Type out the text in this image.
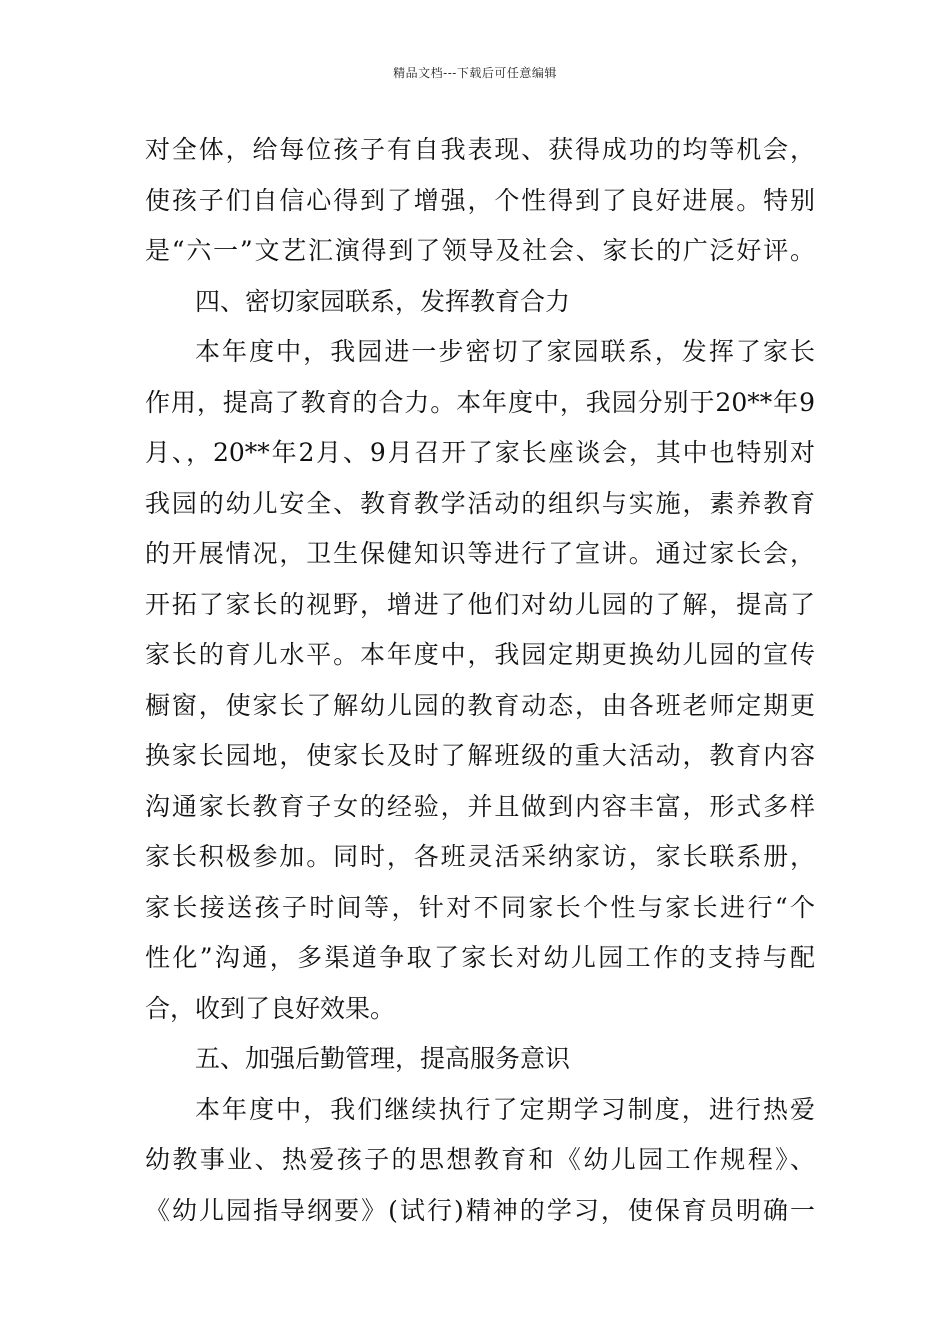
精品文档---下载后可任意编辑
对全体，给每位孩子有自我表现、获得成功的均等机会，
使孩子们自信心得到了增强，个性得到了良好进展。特别
是“六一”文艺汇演得到了领导及社会、家长的广泛好评。
四、密切家园联系，发挥教育合力
本年度中，我园进一步密切了家园联系，发挥了家长
作用，提高了教育的合力。本年度中，我园分别于20**年9
月、，20**年2月、9月召开了家长座谈会，其中也特别对
我园的幼儿安全、教育教学活动的组织与实施，素养教育
的开展情况，卫生保健知识等进行了宣讲。通过家长会，
开拓了家长的视野，增进了他们对幼儿园的了解，提高了
家长的育儿水平。本年度中，我园定期更换幼儿园的宣传
橱窗，使家长了解幼儿园的教育动态，由各班老师定期更
换家长园地，使家长及时了解班级的重大活动，教育内容
沟通家长教育子女的经验，并且做到内容丰富，形式多样
家长积极参加。同时，各班灵活采纳家访，家长联系册，
家长接送孩子时间等，针对不同家长个性与家长进行“个
性化”沟通，多渠道争取了家长对幼儿园工作的支持与配
合，收到了良好效果。
五、加强后勤管理，提高服务意识
本年度中，我们继续执行了定期学习制度，进行热爱
幼教事业、热爱孩子的思想教育和《幼儿园工作规程》、
《幼儿园指导纲要》(试行)精神的学习，使保育员明确一
